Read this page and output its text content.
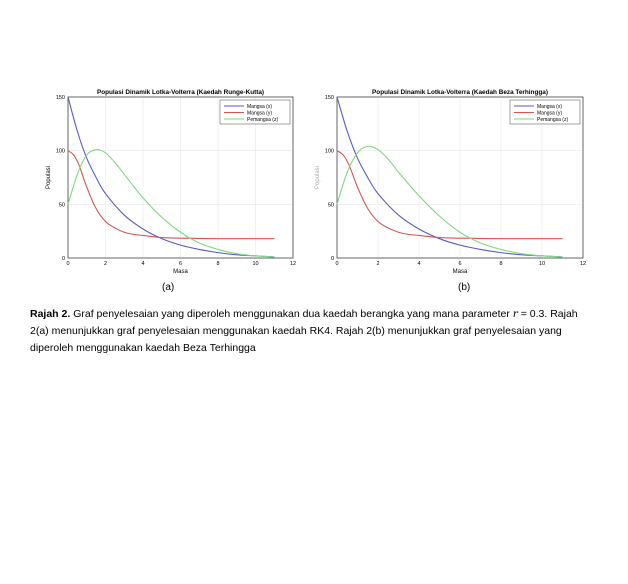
Populasi Dinamik Lotka-Volterra (Kaedah Runge-Kutta)
0	2	4	6	8	10	12
0
50
100
150
Masa
Populasi
Mangsa (x)
Mangsa (y)
Pemangsa (z)
(a)
Populasi Dinamik Lotka-Volterra (Kaedah Beza Terhingga)
0	2	4	6	8	10	12
0
50
100
150
Masa
Populasi
Mangsa (x)
Mangsa (y)
Pemangsa (z)
(b)
Rajah 2. Graf penyelesaian yang diperoleh menggunakan dua kaedah berangka yang mana parameter r = 0.3. Rajah 2(a) menunjukkan graf penyelesaian menggunakan kaedah RK4. Rajah 2(b) menunjukkan graf penyelesaian yang diperoleh menggunakan kaedah Beza Terhingga
